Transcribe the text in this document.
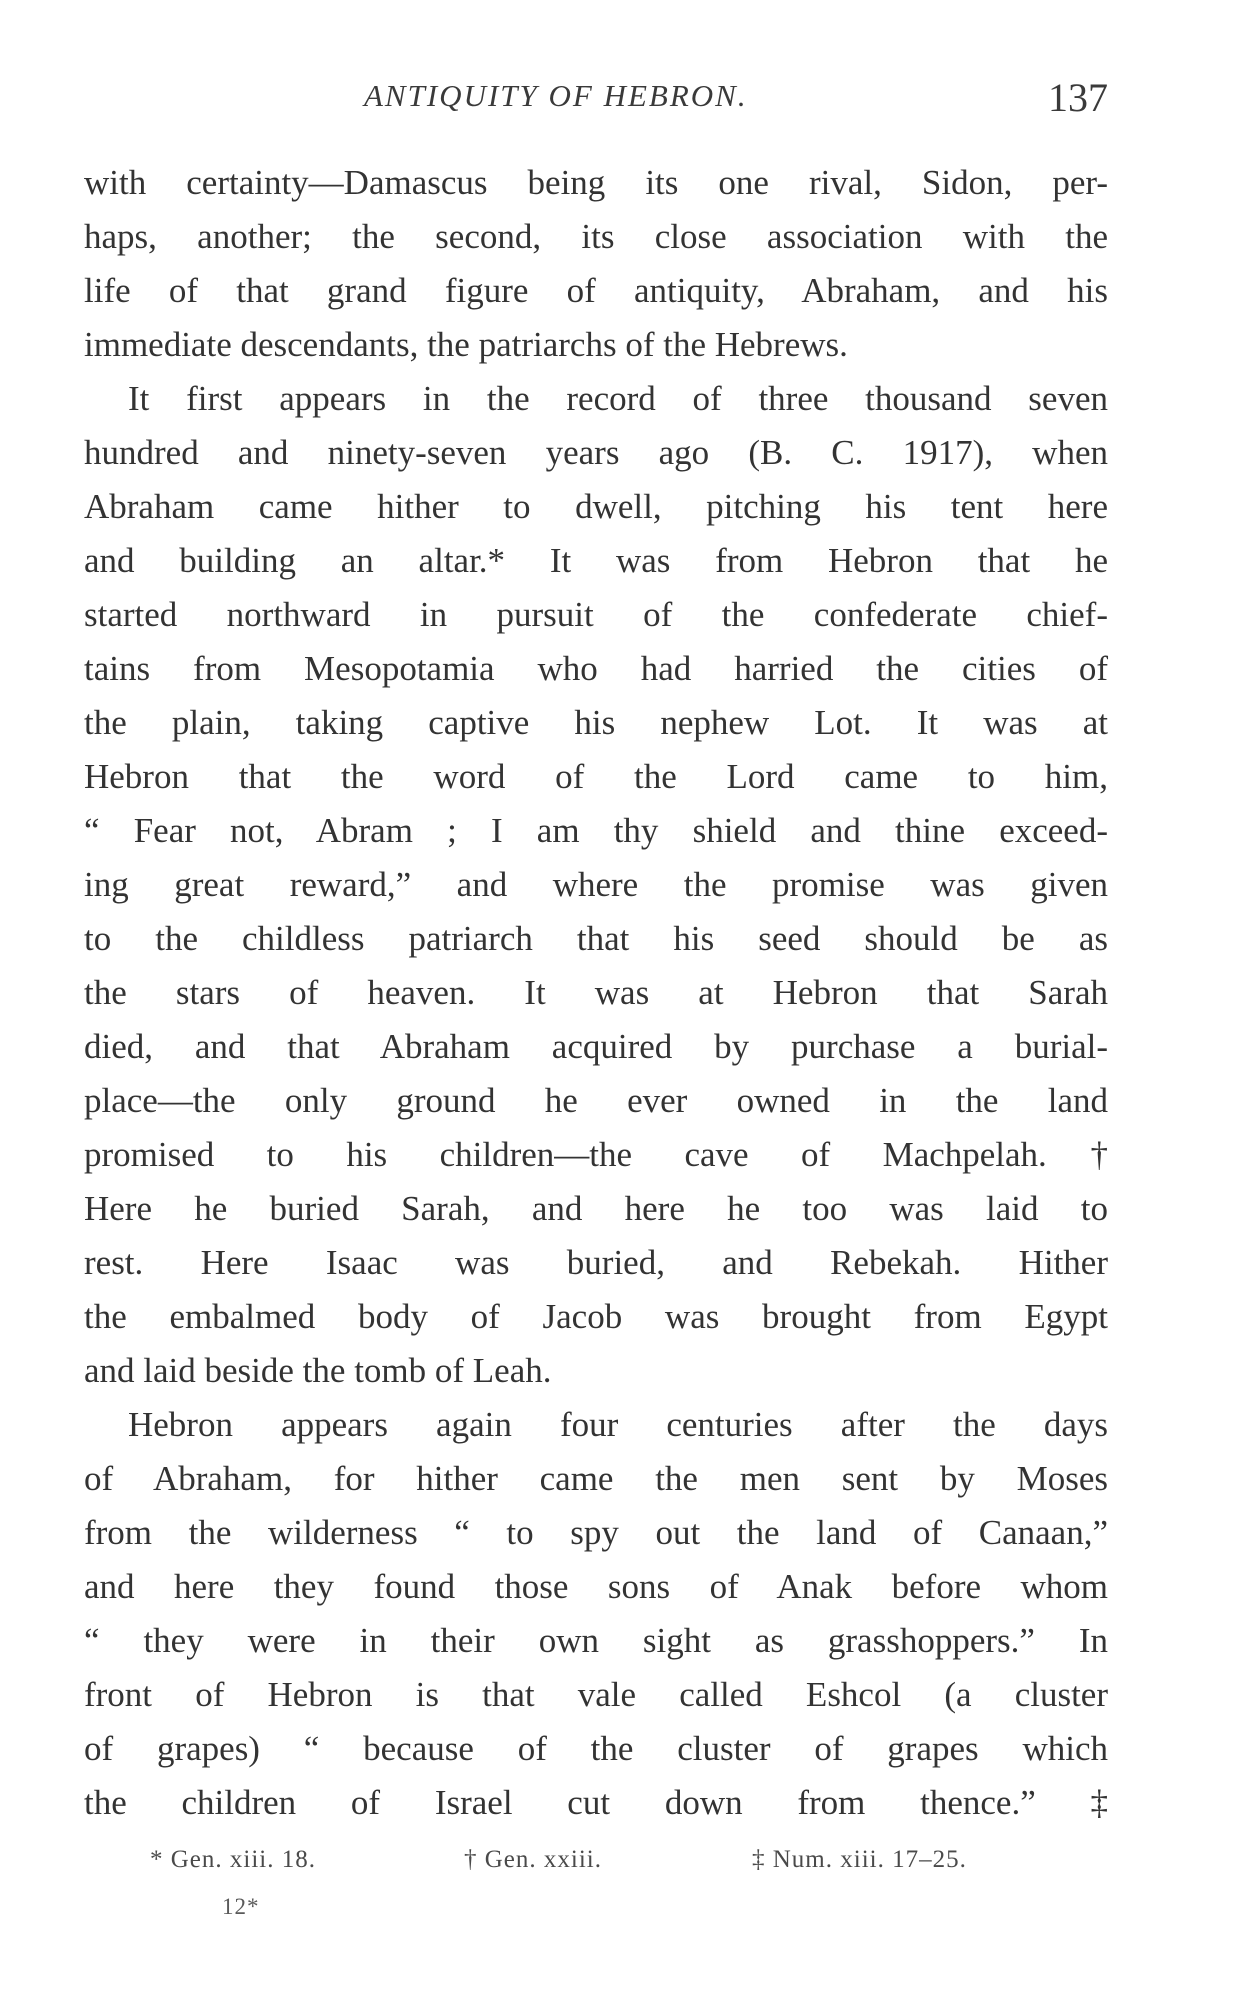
ANTIQUITY OF HEBRON.	137
with certainty—Damascus being its one rival, Sidon, per-
haps, another; the second, its close association with the
life of that grand figure of antiquity, Abraham, and his
immediate descendants, the patriarchs of the Hebrews.
It first appears in the record of three thousand seven
hundred and ninety-seven years ago (B. C. 1917), when
Abraham came hither to dwell, pitching his tent here
and building an altar.* It was from Hebron that he
started northward in pursuit of the confederate chief-
tains from Mesopotamia who had harried the cities of
the plain, taking captive his nephew Lot. It was at
Hebron that the word of the Lord came to him,
“ Fear not, Abram ; I am thy shield and thine exceed-
ing great reward,” and where the promise was given
to the childless patriarch that his seed should be as
the stars of heaven. It was at Hebron that Sarah
died, and that Abraham acquired by purchase a burial-
place—the only ground he ever owned in the land
promised to his children—the cave of Machpelah.†
Here he buried Sarah, and here he too was laid to
rest. Here Isaac was buried, and Rebekah. Hither
the embalmed body of Jacob was brought from Egypt
and laid beside the tomb of Leah.
Hebron appears again four centuries after the days
of Abraham, for hither came the men sent by Moses
from the wilderness “ to spy out the land of Canaan,”
and here they found those sons of Anak before whom
“ they were in their own sight as grasshoppers.” In
front of Hebron is that vale called Eshcol (a cluster
of grapes) “ because of the cluster of grapes which
the children of Israel cut down from thence.” ‡
* Gen. xiii. 18.	† Gen. xxiii.	‡ Num. xiii. 17–25.
12*
